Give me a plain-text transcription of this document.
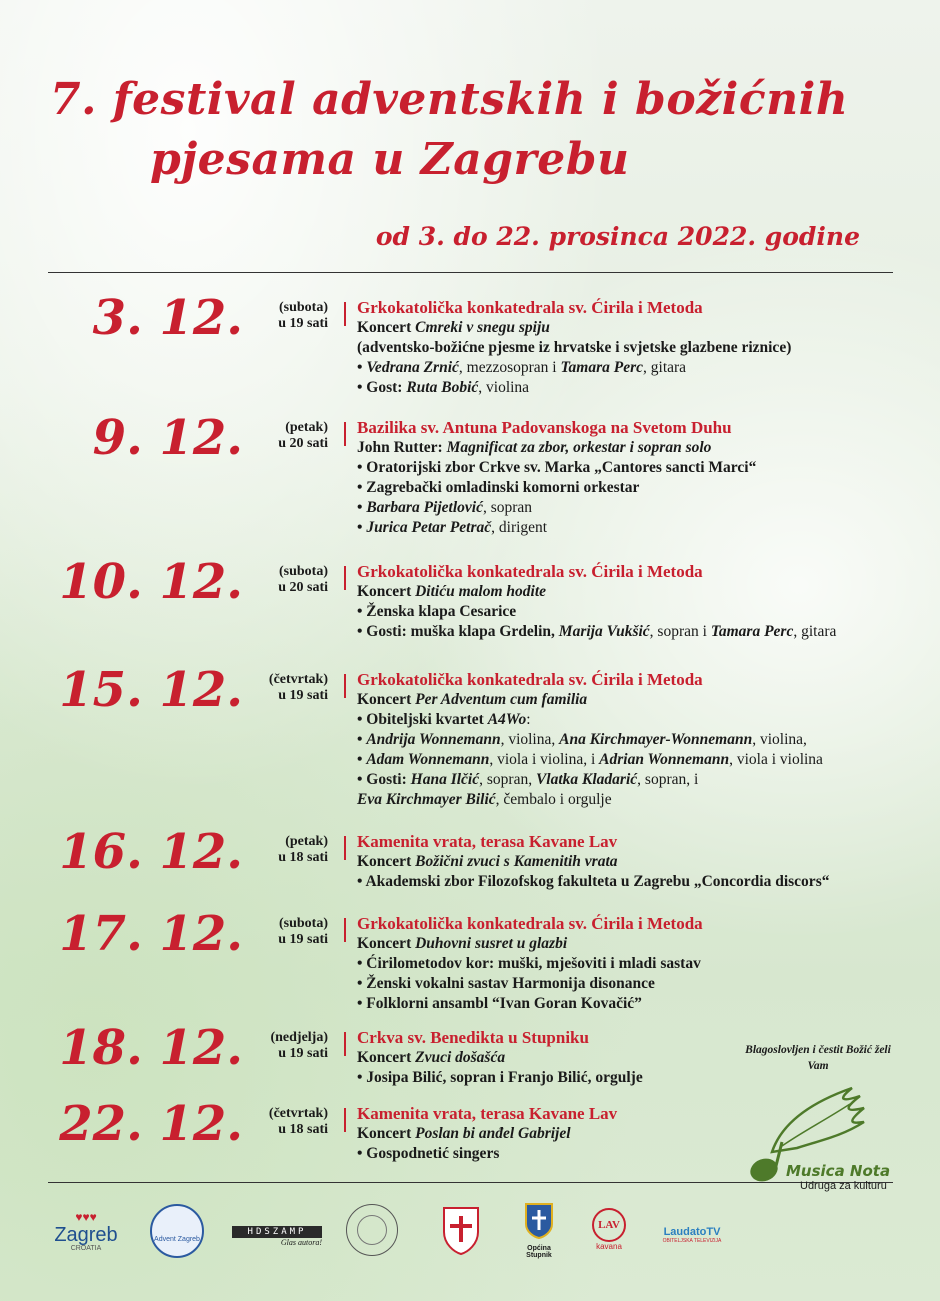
7. festival adventskih i božićnih
pjesama u Zagrebu
od 3. do 22. prosinca 2022. godine
3. 12.	(subota)
u 19 sati
Grkokatolička konkatedrala sv. Ćirila i Metoda
Koncert Cmreki v snegu spiju
(adventsko-božićne pjesme iz hrvatske i svjetske glazbene riznice)
• Vedrana Zrnić, mezzosopran i Tamara Perc, gitara
• Gost: Ruta Bobić, violina
9. 12.	(petak)
u 20 sati
Bazilika sv. Antuna Padovanskoga na Svetom Duhu
John Rutter: Magnificat za zbor, orkestar i sopran solo
• Oratorijski zbor Crkve sv. Marka „Cantores sancti Marci“
• Zagrebački omladinski komorni orkestar
• Barbara Pijetlović, sopran
• Jurica Petar Petrač, dirigent
10. 12.	(subota)
u 20 sati
Grkokatolička konkatedrala sv. Ćirila i Metoda
Koncert Ditiću malom hodite
• Ženska klapa Cesarice
• Gosti: muška klapa Grdelin, Marija Vukšić, sopran i Tamara Perc, gitara
15. 12. (četvrtak)
u 19 sati
Grkokatolička konkatedrala sv. Ćirila i Metoda
Koncert Per Adventum cum familia
• Obiteljski kvartet A4Wo:
• Andrija Wonnemann, violina, Ana Kirchmayer-Wonnemann, violina,
• Adam Wonnemann, viola i violina, i Adrian Wonnemann, viola i violina
• Gosti: Hana Ilčić, sopran, Vlatka Kladarić, sopran, i
Eva Kirchmayer Bilić, čembalo i orgulje
16. 12.	(petak)
u 18 sati
Kamenita vrata, terasa Kavane Lav
Koncert Božični zvuci s Kamenitih vrata
• Akademski zbor Filozofskog fakulteta u Zagrebu „Concordia discors“
17. 12.	(subota)
u 19 sati
Grkokatolička konkatedrala sv. Ćirila i Metoda
Koncert Duhovni susret u glazbi
• Ćirilometodov kor: muški, mješoviti i mladi sastav
• Ženski vokalni sastav Harmonija disonance
• Folklorni ansambl “Ivan Goran Kovačić”
18. 12. (nedjelja)
u 19 sati
Crkva sv. Benedikta u Stupniku
Koncert Zvuci došašća
• Josipa Bilić, sopran i Franjo Bilić, orgulje
22. 12. (četvrtak)
u 18 sati
Kamenita vrata, terasa Kavane Lav
Koncert Poslan bi anđel Gabrijel
• Gospodnetić singers
Blagoslovljen i čestit Božić želi Vam
Musica Nota
Udruga za kulturu
♥♥♥
Zagreb
CROATIA
Advent Zagreb
HDSZAMP
Glas autora!
Općina Stupnik
LAV
kavana
LaudatoTV
OBITELJSKA TELEVIZIJA
